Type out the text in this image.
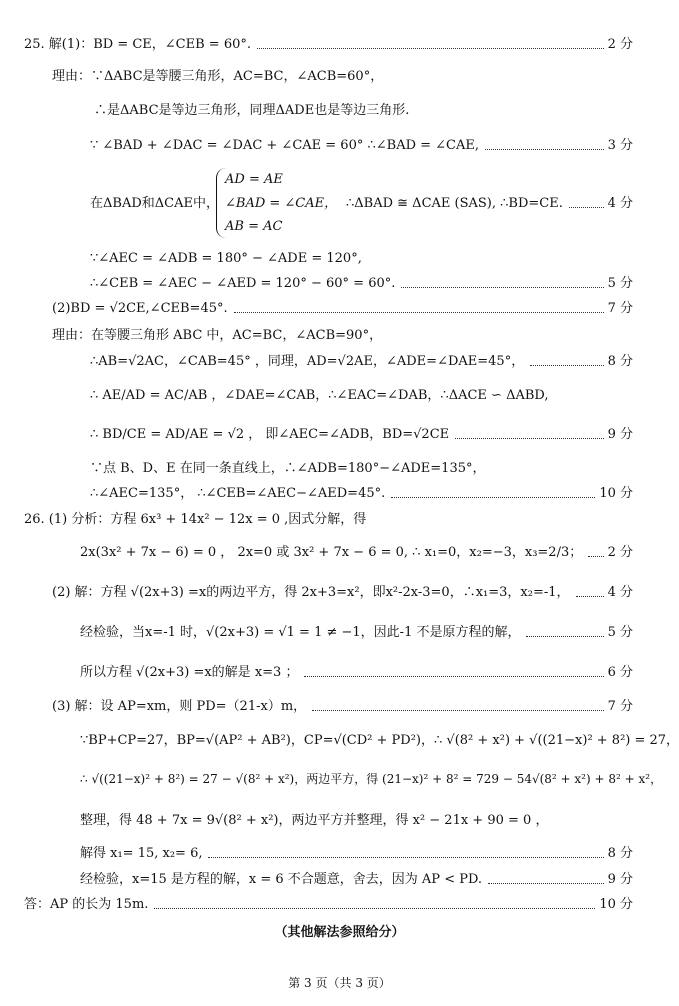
25. 解(1)：BD = CE，∠CEB = 60°.	2 分
理由：∵ΔABC是等腰三角形，AC=BC，∠ACB=60°，
∴是ΔABC是等边三角形，同理ΔADE也是等边三角形.
∵ ∠BAD + ∠DAC = ∠DAC + ∠CAE = 60° ∴∠BAD = ∠CAE,	3 分
在ΔBAD和ΔCAE中，
AD = AE
∠BAD = ∠CAE，
AB = AC
∴ΔBAD ≅ ΔCAE (SAS), ∴BD=CE.	4 分
∵∠AEC = ∠ADB = 180° − ∠ADE = 120°,
∴∠CEB = ∠AEC − ∠AED = 120° − 60° = 60°.	5 分
(2)BD = √2CE,∠CEB=45°.	7 分
理由：在等腰三角形 ABC 中，AC=BC，∠ACB=90°，
∴AB=√2AC，∠CAB=45° ，同理，AD=√2AE，∠ADE=∠DAE=45°，	8 分
∴ AE/AD = AC/AB ，∠DAE=∠CAB，∴∠EAC=∠DAB，∴ΔACE ∽ ΔABD,
∴ BD/CE = AD/AE = √2 ， 即∠AEC=∠ADB，BD=√2CE	9 分
∵点 B、D、E 在同一条直线上，∴∠ADB=180°−∠ADE=135°，
∴∠AEC=135°， ∴∠CEB=∠AEC−∠AED=45°.	10 分
26. (1) 分析：方程 6x³ + 14x² − 12x = 0 ,因式分解，得
2x(3x² + 7x − 6) = 0 ， 2x=0 或 3x² + 7x − 6 = 0, ∴ x₁=0，x₂=−3，x₃=2/3； 2 分
(2) 解：方程 √(2x+3) =x的两边平方，得 2x+3=x²，即x²-2x-3=0，∴x₁=3，x₂=-1，	4 分
经检验，当x=-1 时，√(2x+3) = √1 = 1 ≠ −1，因此-1 不是原方程的解，	5 分
所以方程 √(2x+3) =x的解是 x=3 ；	6 分
(3) 解：设 AP=xm，则 PD=（21-x）m，	7 分
∵BP+CP=27，BP=√(AP² + AB²)，CP=√(CD² + PD²)，∴ √(8² + x²) + √((21−x)² + 8²) = 27，
∴ √((21−x)² + 8²) = 27 − √(8² + x²)，两边平方，得 (21−x)² + 8² = 729 − 54√(8² + x²) + 8² + x²，
整理，得 48 + 7x = 9√(8² + x²)，两边平方并整理，得 x² − 21x + 90 = 0 ，
解得 x₁= 15, x₂= 6,	8 分
经检验，x=15 是方程的解，x = 6 不合题意，舍去，因为 AP < PD.	9 分
答：AP 的长为 15m.	10 分
（其他解法参照给分）
第 3 页（共 3 页）
